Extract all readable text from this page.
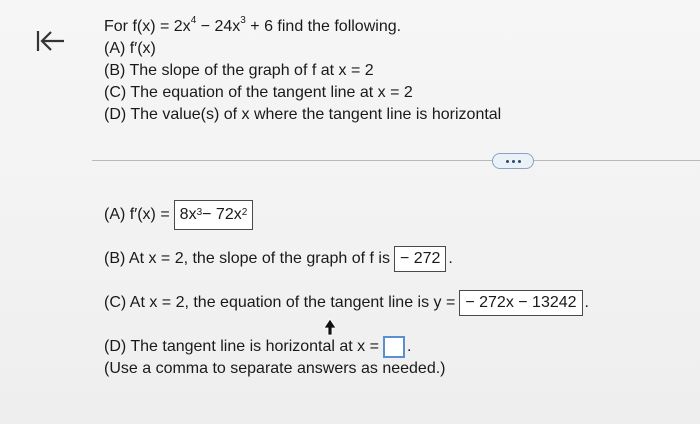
For $f(x) = 2x^4 - 24x^3 + 6$ find the following.
(A) f′(x)
(B) The slope of the graph of f at x = 2
(C) The equation of the tangent line at x = 2
(D) The value(s) of x where the tangent line is horizontal
(A) $f'(x) = 8x^3 - 72x^2$
(B) At x = 2, the slope of the graph of f is − 272 .
(C) At x = 2, the equation of the tangent line is y = − 272x − 13242 .
(D) The tangent line is horizontal at x = .
(Use a comma to separate answers as needed.)
